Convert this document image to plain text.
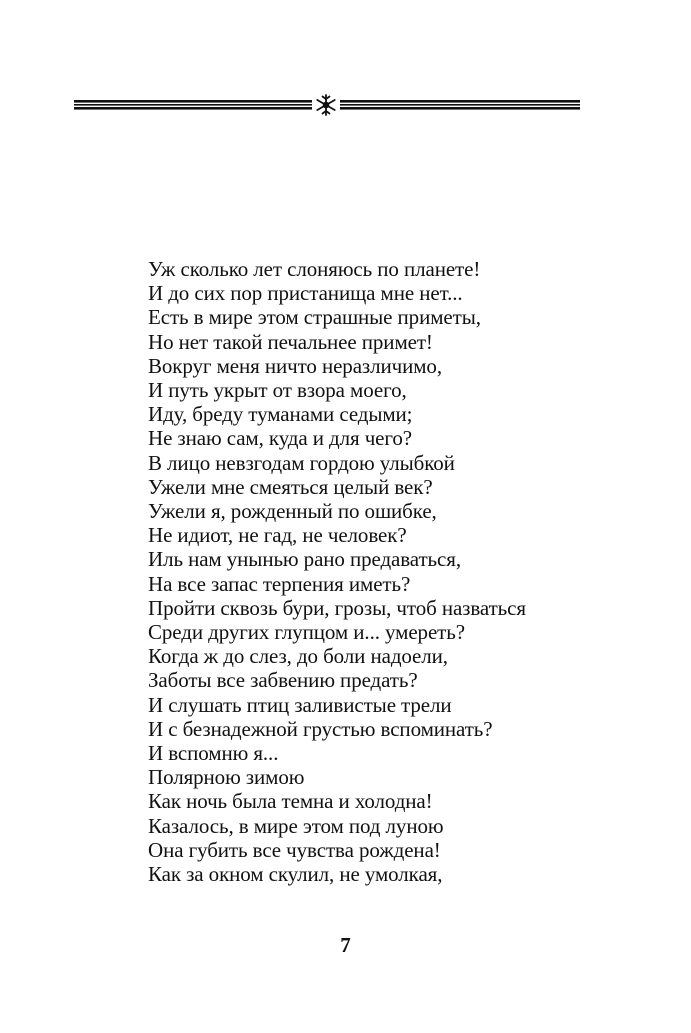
Уж сколько лет слоняюсь по планете!
И до сих пор пристанища мне нет...
Есть в мире этом страшные приметы,
Но нет такой печальнее примет!
Вокруг меня ничто неразличимо,
И путь укрыт от взора моего,
Иду, бреду туманами седыми;
Не знаю сам, куда и для чего?
В лицо невзгодам гордою улыбкой
Ужели мне смеяться целый век?
Ужели я, рожденный по ошибке,
Не идиот, не гад, не человек?
Иль нам унынью рано предаваться,
На все запас терпения иметь?
Пройти сквозь бури, грозы, чтоб назваться
Среди других глупцом и... умереть?
Когда ж до слез, до боли надоели,
Заботы все забвению предать?
И слушать птиц заливистые трели
И с безнадежной грустью вспоминать?
И вспомню я...
Полярною зимою
Как ночь была темна и холодна!
Казалось, в мире этом под луною
Она губить все чувства рождена!
Как за окном скулил, не умолкая,
7
